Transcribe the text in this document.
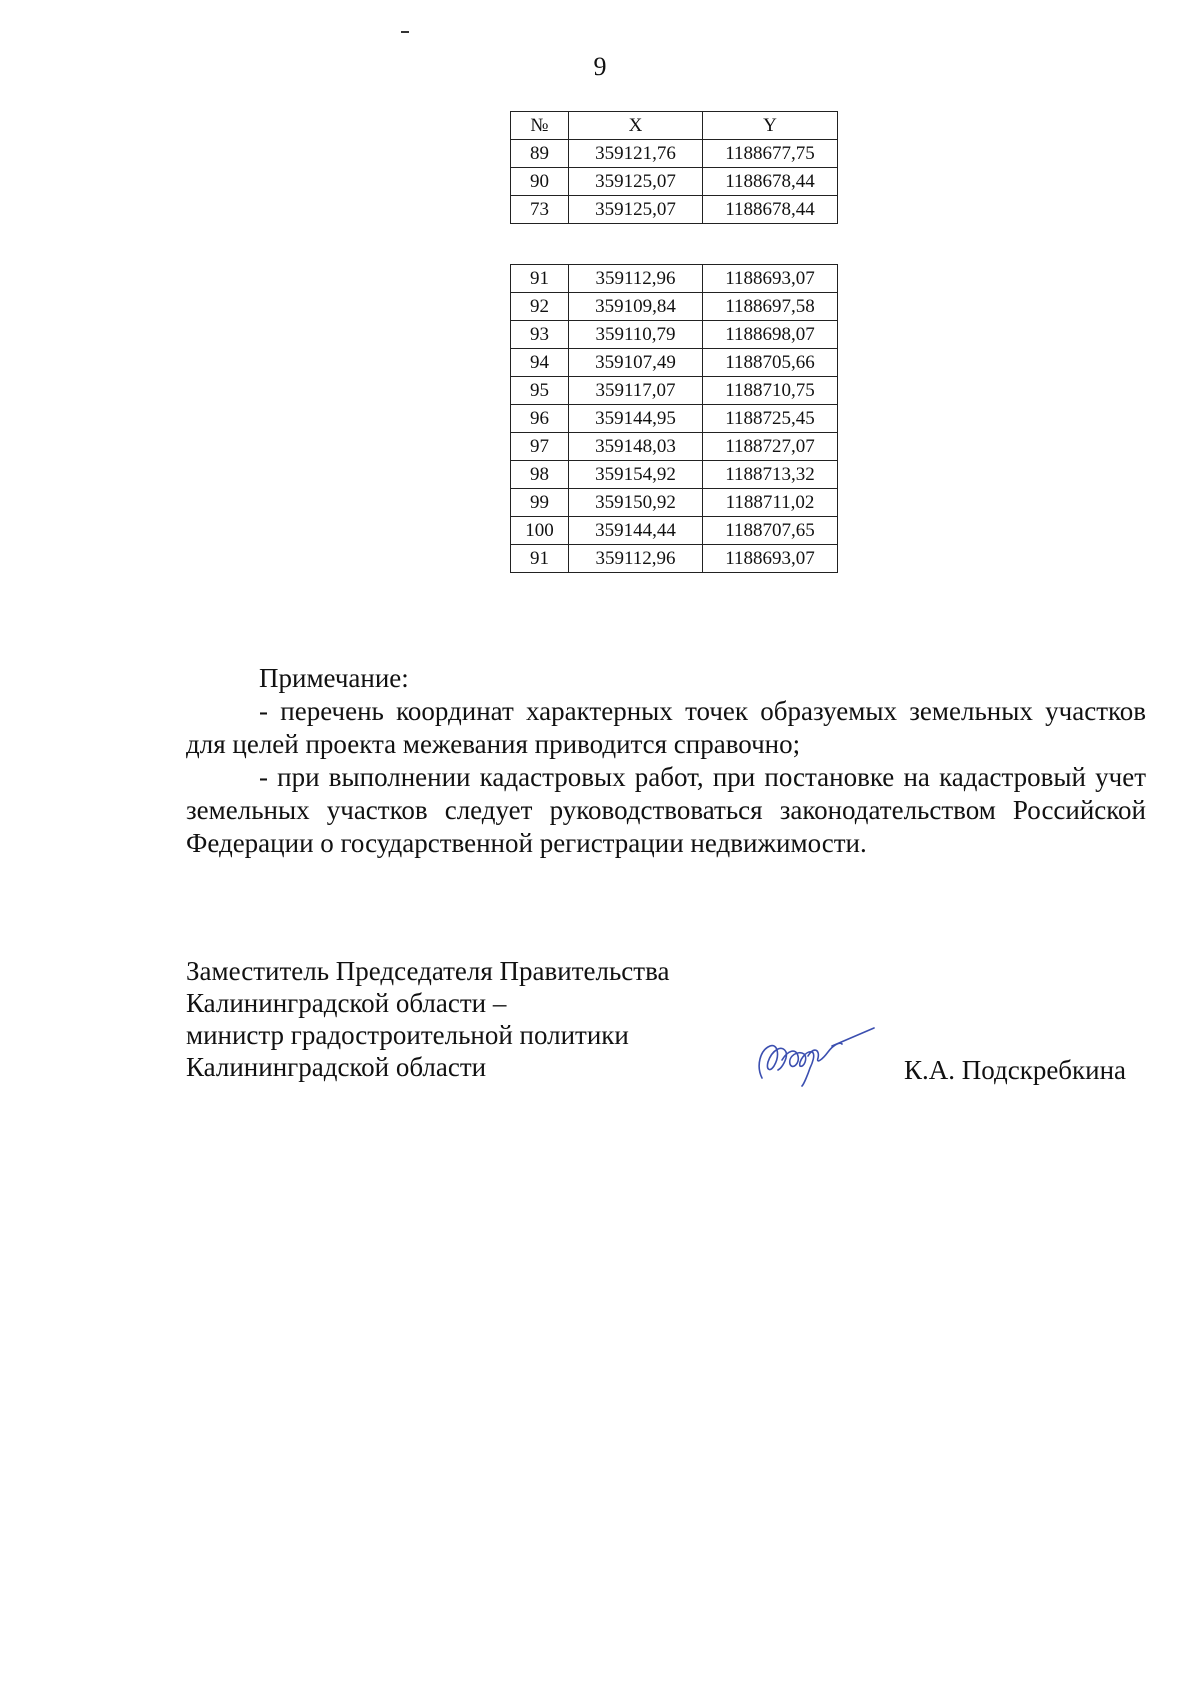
9
№	X	Y
89	359121,76	1188677,75
90	359125,07	1188678,44
73	359125,07	1188678,44
91	359112,96	1188693,07
92	359109,84	1188697,58
93	359110,79	1188698,07
94	359107,49	1188705,66
95	359117,07	1188710,75
96	359144,95	1188725,45
97	359148,03	1188727,07
98	359154,92	1188713,32
99	359150,92	1188711,02
100	359144,44	1188707,65
91	359112,96	1188693,07

Примечание:

- перечень координат характерных точек образуемых земельных участков для целей проекта межевания приводится справочно;

- при выполнении кадастровых работ, при постановке на кадастровый учет земельных участков следует руководствоваться законодательством Российской Федерации о государственной регистрации недвижимости.

Заместитель Председателя Правительства
Калининградской области –
министр градостроительной политики
Калининградской области	К.А. Подскребкина
